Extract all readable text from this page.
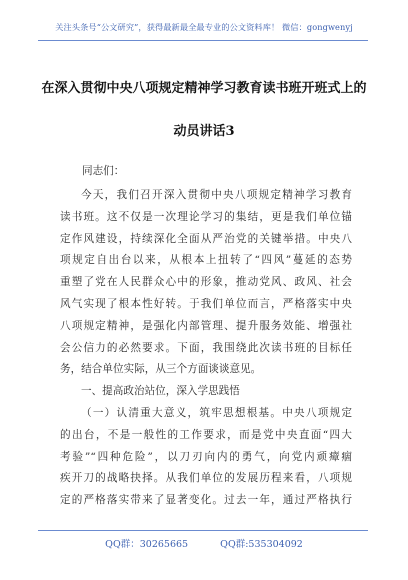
关注头条号“公文研究”，获得最新最全最专业的公文资料库！ 微信：gongwenyj
在深入贯彻中央八项规定精神学习教育读书班开班式上的
动员讲话3
同志们：
今天，我们召开深入贯彻中央八项规定精神学习教育
读书班。这不仅是一次理论学习的集结，更是我们单位锚
定作风建设，持续深化全面从严治党的关键举措。中央八
项规定自出台以来，从根本上扭转了“四风”蔓延的态势
重塑了党在人民群众心中的形象，推动党风、政风、社会
风气实现了根本性好转。于我们单位而言，严格落实中央
八项规定精神，是强化内部管理、提升服务效能、增强社
会公信力的必然要求。下面，我围绕此次读书班的目标任
务，结合单位实际，从三个方面谈谈意见。
一、提高政治站位，深入学思践悟
（一）认清重大意义，筑牢思想根基。中央八项规定
的出台，不是一般性的工作要求，而是党中央直面“四大
考验”“四种危险”，以刀刃向内的勇气，向党内顽瘴痼
疾开刀的战略抉择。从我们单位的发展历程来看，八项规
定的严格落实带来了显著变化。过去一年，通过严格执行
QQ群：30265665	QQ群:535304092
